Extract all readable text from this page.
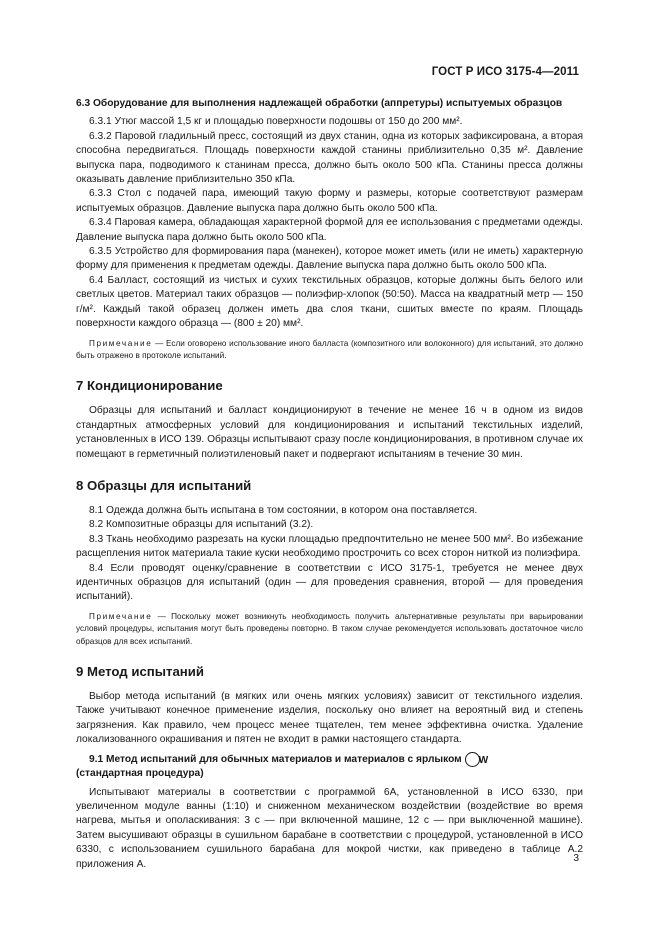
ГОСТ Р ИСО 3175-4—2011

6.3 Оборудование для выполнения надлежащей обработки (аппретуры) испытуемых образцов

6.3.1 Утюг массой 1,5 кг и площадью поверхности подошвы от 150 до 200 мм².

6.3.2 Паровой гладильный пресс, состоящий из двух станин, одна из которых зафиксирована, а вторая способна передвигаться. Площадь поверхности каждой станины приблизительно 0,35 м². Давление выпуска пара, подводимого к станинам пресса, должно быть около 500 кПа. Станины пресса должны оказывать давление приблизительно 350 кПа.

6.3.3 Стол с подачей пара, имеющий такую форму и размеры, которые соответствуют размерам испытуемых образцов. Давление выпуска пара должно быть около 500 кПа.

6.3.4 Паровая камера, обладающая характерной формой для ее использования с предметами одежды. Давление выпуска пара должно быть около 500 кПа.

6.3.5 Устройство для формирования пара (манекен), которое может иметь (или не иметь) характерную форму для применения к предметам одежды. Давление выпуска пара должно быть около 500 кПа.

6.4 Балласт, состоящий из чистых и сухих текстильных образцов, которые должны быть белого или светлых цветов. Материал таких образцов — полиэфир-хлопок (50:50). Масса на квадратный метр — 150 г/м². Каждый такой образец должен иметь два слоя ткани, сшитых вместе по краям. Площадь поверхности каждого образца — (800 ± 20) мм².

Примечание — Если оговорено использование иного балласта (композитного или волоконного) для испытаний, это должно быть отражено в протоколе испытаний.

7 Кондиционирование

Образцы для испытаний и балласт кондиционируют в течение не менее 16 ч в одном из видов стандартных атмосферных условий для кондиционирования и испытаний текстильных изделий, установленных в ИСО 139. Образцы испытывают сразу после кондиционирования, в противном случае их помещают в герметичный полиэтиленовый пакет и подвергают испытаниям в течение 30 мин.

8 Образцы для испытаний

8.1 Одежда должна быть испытана в том состоянии, в котором она поставляется.

8.2 Композитные образцы для испытаний (3.2).

8.3 Ткань необходимо разрезать на куски площадью предпочтительно не менее 500 мм². Во избежание расщепления ниток материала такие куски необходимо прострочить со всех сторон ниткой из полиэфира.

8.4 Если проводят оценку/сравнение в соответствии с ИСО 3175-1, требуется не менее двух идентичных образцов для испытаний (один — для проведения сравнения, второй — для проведения испытаний).

Примечание — Поскольку может возникнуть необходимость получить альтернативные результаты при варьировании условий процедуры, испытания могут быть проведены повторно. В таком случае рекомендуется использовать достаточное число образцов для всех испытаний.

9 Метод испытаний

Выбор метода испытаний (в мягких или очень мягких условиях) зависит от текстильного изделия. Также учитывают конечное применение изделия, поскольку оно влияет на вероятный вид и степень загрязнения. Как правило, чем процесс менее тщателен, тем менее эффективна очистка. Удаление локализованного окрашивания и пятен не входит в рамки настоящего стандарта.

9.1 Метод испытаний для обычных материалов и материалов с ярлыком W

(стандартная процедура)

Испытывают материалы в соответствии с программой 6А, установленной в ИСО 6330, при увеличенном модуле ванны (1:10) и сниженном механическом воздействии (воздействие во время нагрева, мытья и ополаскивания: 3 с — при включенной машине, 12 с — при выключенной машине). Затем высушивают образцы в сушильном барабане в соответствии с процедурой, установленной в ИСО 6330, с использованием сушильного барабана для мокрой чистки, как приведено в таблице А.2 приложения А.

3
